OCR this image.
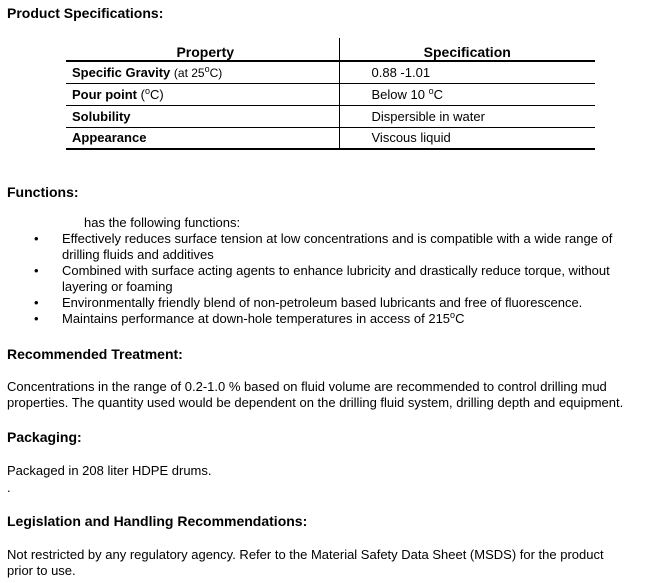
Product Specifications:
Property	Specification
Specific Gravity (at 25$^o$C)	0.88 -1.01
Pour point ($^o$C)	Below 10 $^o$C
Solubility	Dispersible in water
Appearance	Viscous liquid
Functions:
has the following functions:
• Effectively reduces surface tension at low concentrations and is compatible with a wide range of
drilling fluids and additives
• Combined with surface acting agents to enhance lubricity and drastically reduce torque, without
layering or foaming
• Environmentally friendly blend of non-petroleum based lubricants and free of fluorescence.
• Maintains performance at down-hole temperatures in access of 215$^o$C
Recommended Treatment:
Concentrations in the range of 0.2-1.0 % based on fluid volume are recommended to control drilling mud
properties. The quantity used would be dependent on the drilling fluid system, drilling depth and equipment.
Packaging:
Packaged in 208 liter HDPE drums.
.
Legislation and Handling Recommendations:
Not restricted by any regulatory agency. Refer to the Material Safety Data Sheet (MSDS) for the product
prior to use.
